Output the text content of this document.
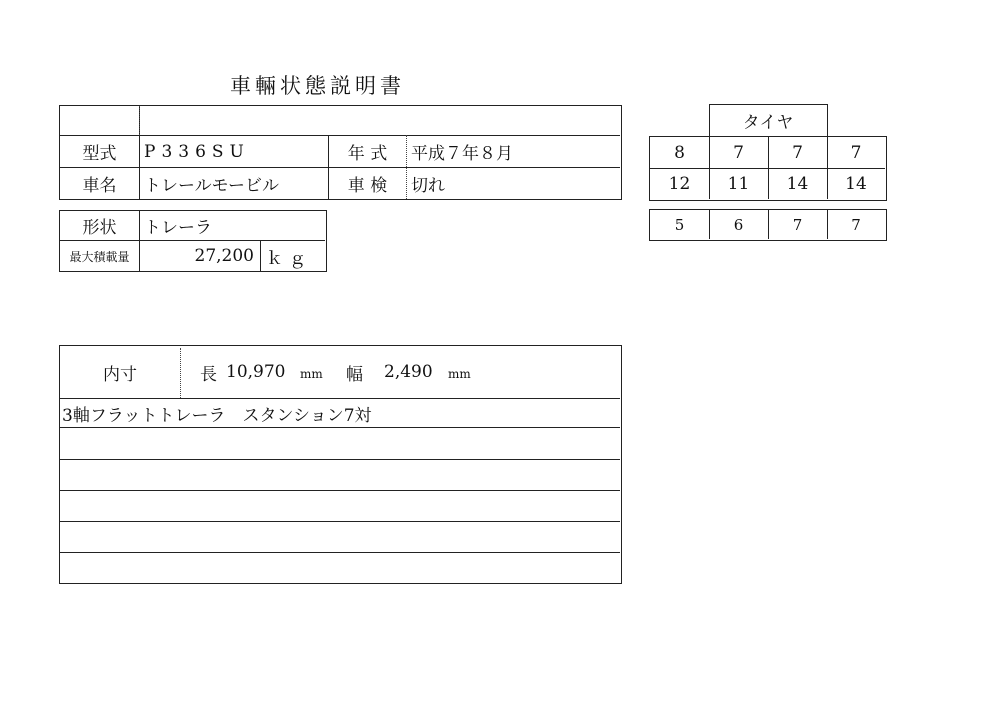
車輛状態説明書
型式	P336SU	年 式	平成７年８月
車名	トレールモービル	車 検	切れ
形状	トレーラ
最大積載量	27,200 ｋｇ
タイヤ
8	7	7	7
12	11	14	14
5	6	7	7
内寸	長 10,970	mm	幅	2,490	mm
3軸フラットトレーラ　スタンション7対
